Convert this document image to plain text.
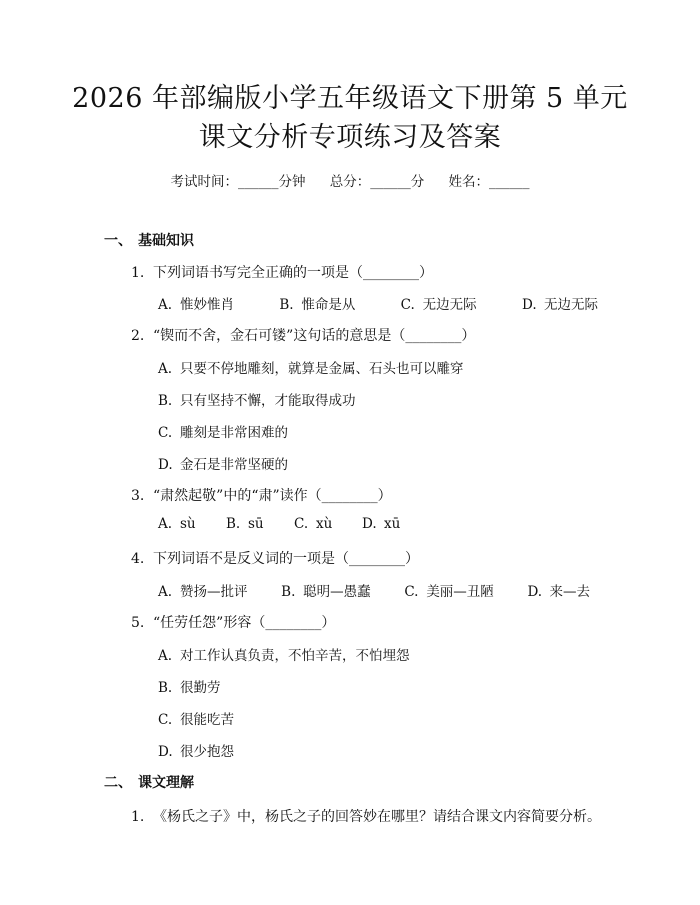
2026 年部编版小学五年级语文下册第 5 单元
课文分析专项练习及答案
考试时间：______分钟 总分：______分 姓名：______
一、 基础知识
1. 下列词语书写完全正确的一项是（________）
A. 惟妙惟肖	B. 惟命是从	C. 无边无际	D. 无边无际
2. “锲而不舍，金石可镂”这句话的意思是（________）
A. 只要不停地雕刻，就算是金属、石头也可以雕穿
B. 只有坚持不懈，才能取得成功
C. 雕刻是非常困难的
D. 金石是非常坚硬的
3. “肃然起敬”中的“肃”读作（________）
A. sù B. sū C. xù D. xū
4. 下列词语不是反义词的一项是（________）
A. 赞扬—批评 B. 聪明—愚蠢 C. 美丽—丑陋 D. 来—去
5. “任劳任怨”形容（________）
A. 对工作认真负责，不怕辛苦，不怕埋怨
B. 很勤劳
C. 很能吃苦
D. 很少抱怨
二、 课文理解
1. 《杨氏之子》中，杨氏之子的回答妙在哪里？请结合课文内容简要分析。
